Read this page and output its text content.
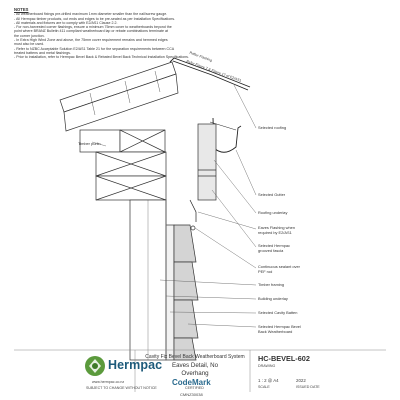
NOTES
- All weatherboard fixings pre-drilled maximum 1mm diameter smaller than the nail/screw gauge.
- All Hermpac timber products, cut ends and edges to be pre-sealed as per Installation Specifications.
- All materials and fixtures are to comply with E2/AS1 Clause 2.2.
- For non-harvested corner flashings, ensure a minimum 75mm cover to weatherboards beyond the
point where BRANZ Bulletin 411 compliant weatherboard lap or rebate combinations terminate at
the corner junction.
- In Extra High Wind Zone and above, the 75mm cover requirement remains and hemmed edges
must also be used.
- Refer to NZBC Acceptable Solution E2/AS1 Table 21 for the separation requirements between CCA
treated battens and metal flashings.
- Prior to installation, refer to Hermpac Bevel Back & Rebated Bevel Back Technical Installation Specifications. Rafter Flashing

Refer Figure 7 & Figure 17 of E2/AS1

Selected roofing
Timber purlin
Selected Gutter
Roofing underlay
Eaves Flashing when
required by E2/AS1
Selected Hermpac
grooved fascia
Continuous sealant over
PEF rod
Timber framing
Building underlay
Selected Cavity Batten
Selected Hermpac Bevel
Back Weatherboard
Hermpac
www.hermpac.co.nz
SUBJECT TO CHANGE WITHOUT NOTICE
Cavity Fix Bevel Back Weatherboard System
Eaves Detail, No
Overhang
CodeMark
CERTIFIED
CMNZ30038
HC-BEVEL-602
DRAWING
1 : 2 @ A4
SCALE
2022
ISSUED DATE
